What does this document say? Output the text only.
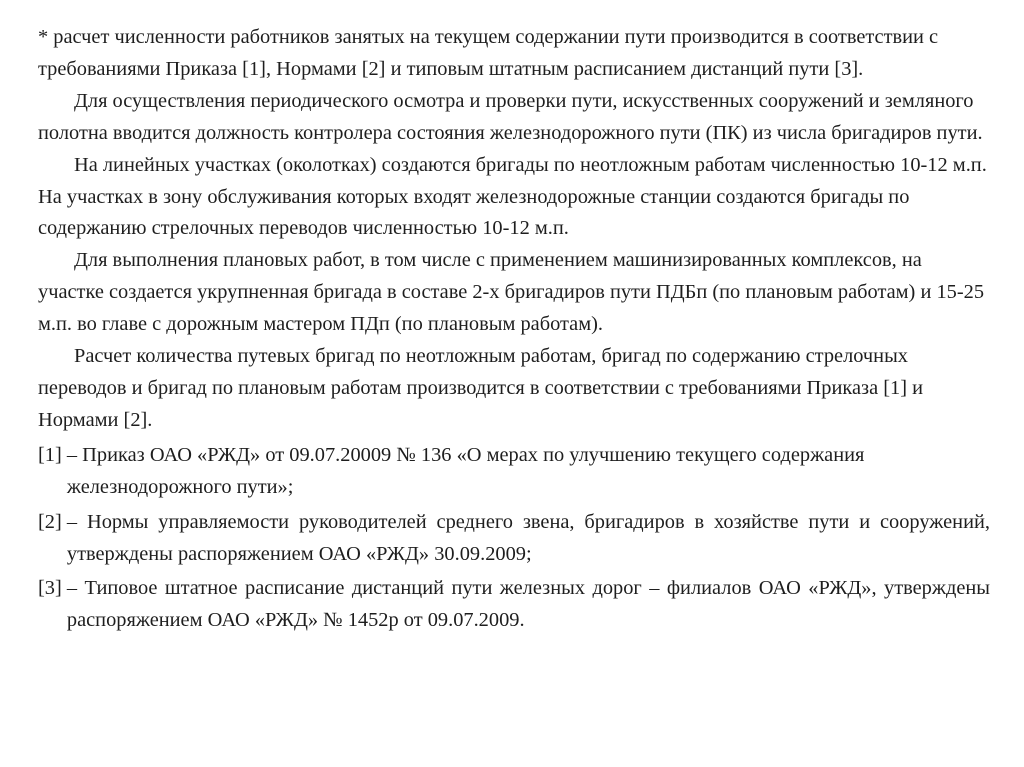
* расчет численности работников занятых на текущем содержании пути производится в соответствии с требованиями Приказа [1], Нормами [2] и типовым штатным расписанием дистанций пути [3].

Для осуществления периодического осмотра и проверки пути, искусственных сооружений и земляного полотна вводится должность контролера состояния железнодорожного пути (ПК) из числа бригадиров пути.

На линейных участках (околотках) создаются бригады по неотложным работам численностью 10-12 м.п. На участках в зону обслуживания которых входят железнодорожные станции создаются бригады по содержанию стрелочных переводов численностью 10-12 м.п.

Для выполнения плановых работ, в том числе с применением машинизированных комплексов, на участке создается укрупненная бригада в составе 2-х бригадиров пути ПДБп (по плановым работам) и 15-25 м.п. во главе с дорожным мастером ПДп (по плановым работам).

Расчет количества путевых бригад по неотложным работам, бригад по содержанию стрелочных переводов и бригад по плановым работам производится в соответствии с требованиями Приказа [1] и Нормами [2].

[1]
– Приказ ОАО «РЖД» от 09.07.20009 № 136 «О мерах по улучшению текущего содержания железнодорожного пути»;
[2]
– Нормы управляемости руководителей среднего звена, бригадиров в хозяйстве пути и сооружений, утверждены распоряжением ОАО «РЖД» 30.09.2009;
[3]
– Типовое штатное расписание дистанций пути железных дорог – филиалов ОАО «РЖД», утверждены распоряжением ОАО «РЖД» № 1452р от 09.07.2009.
